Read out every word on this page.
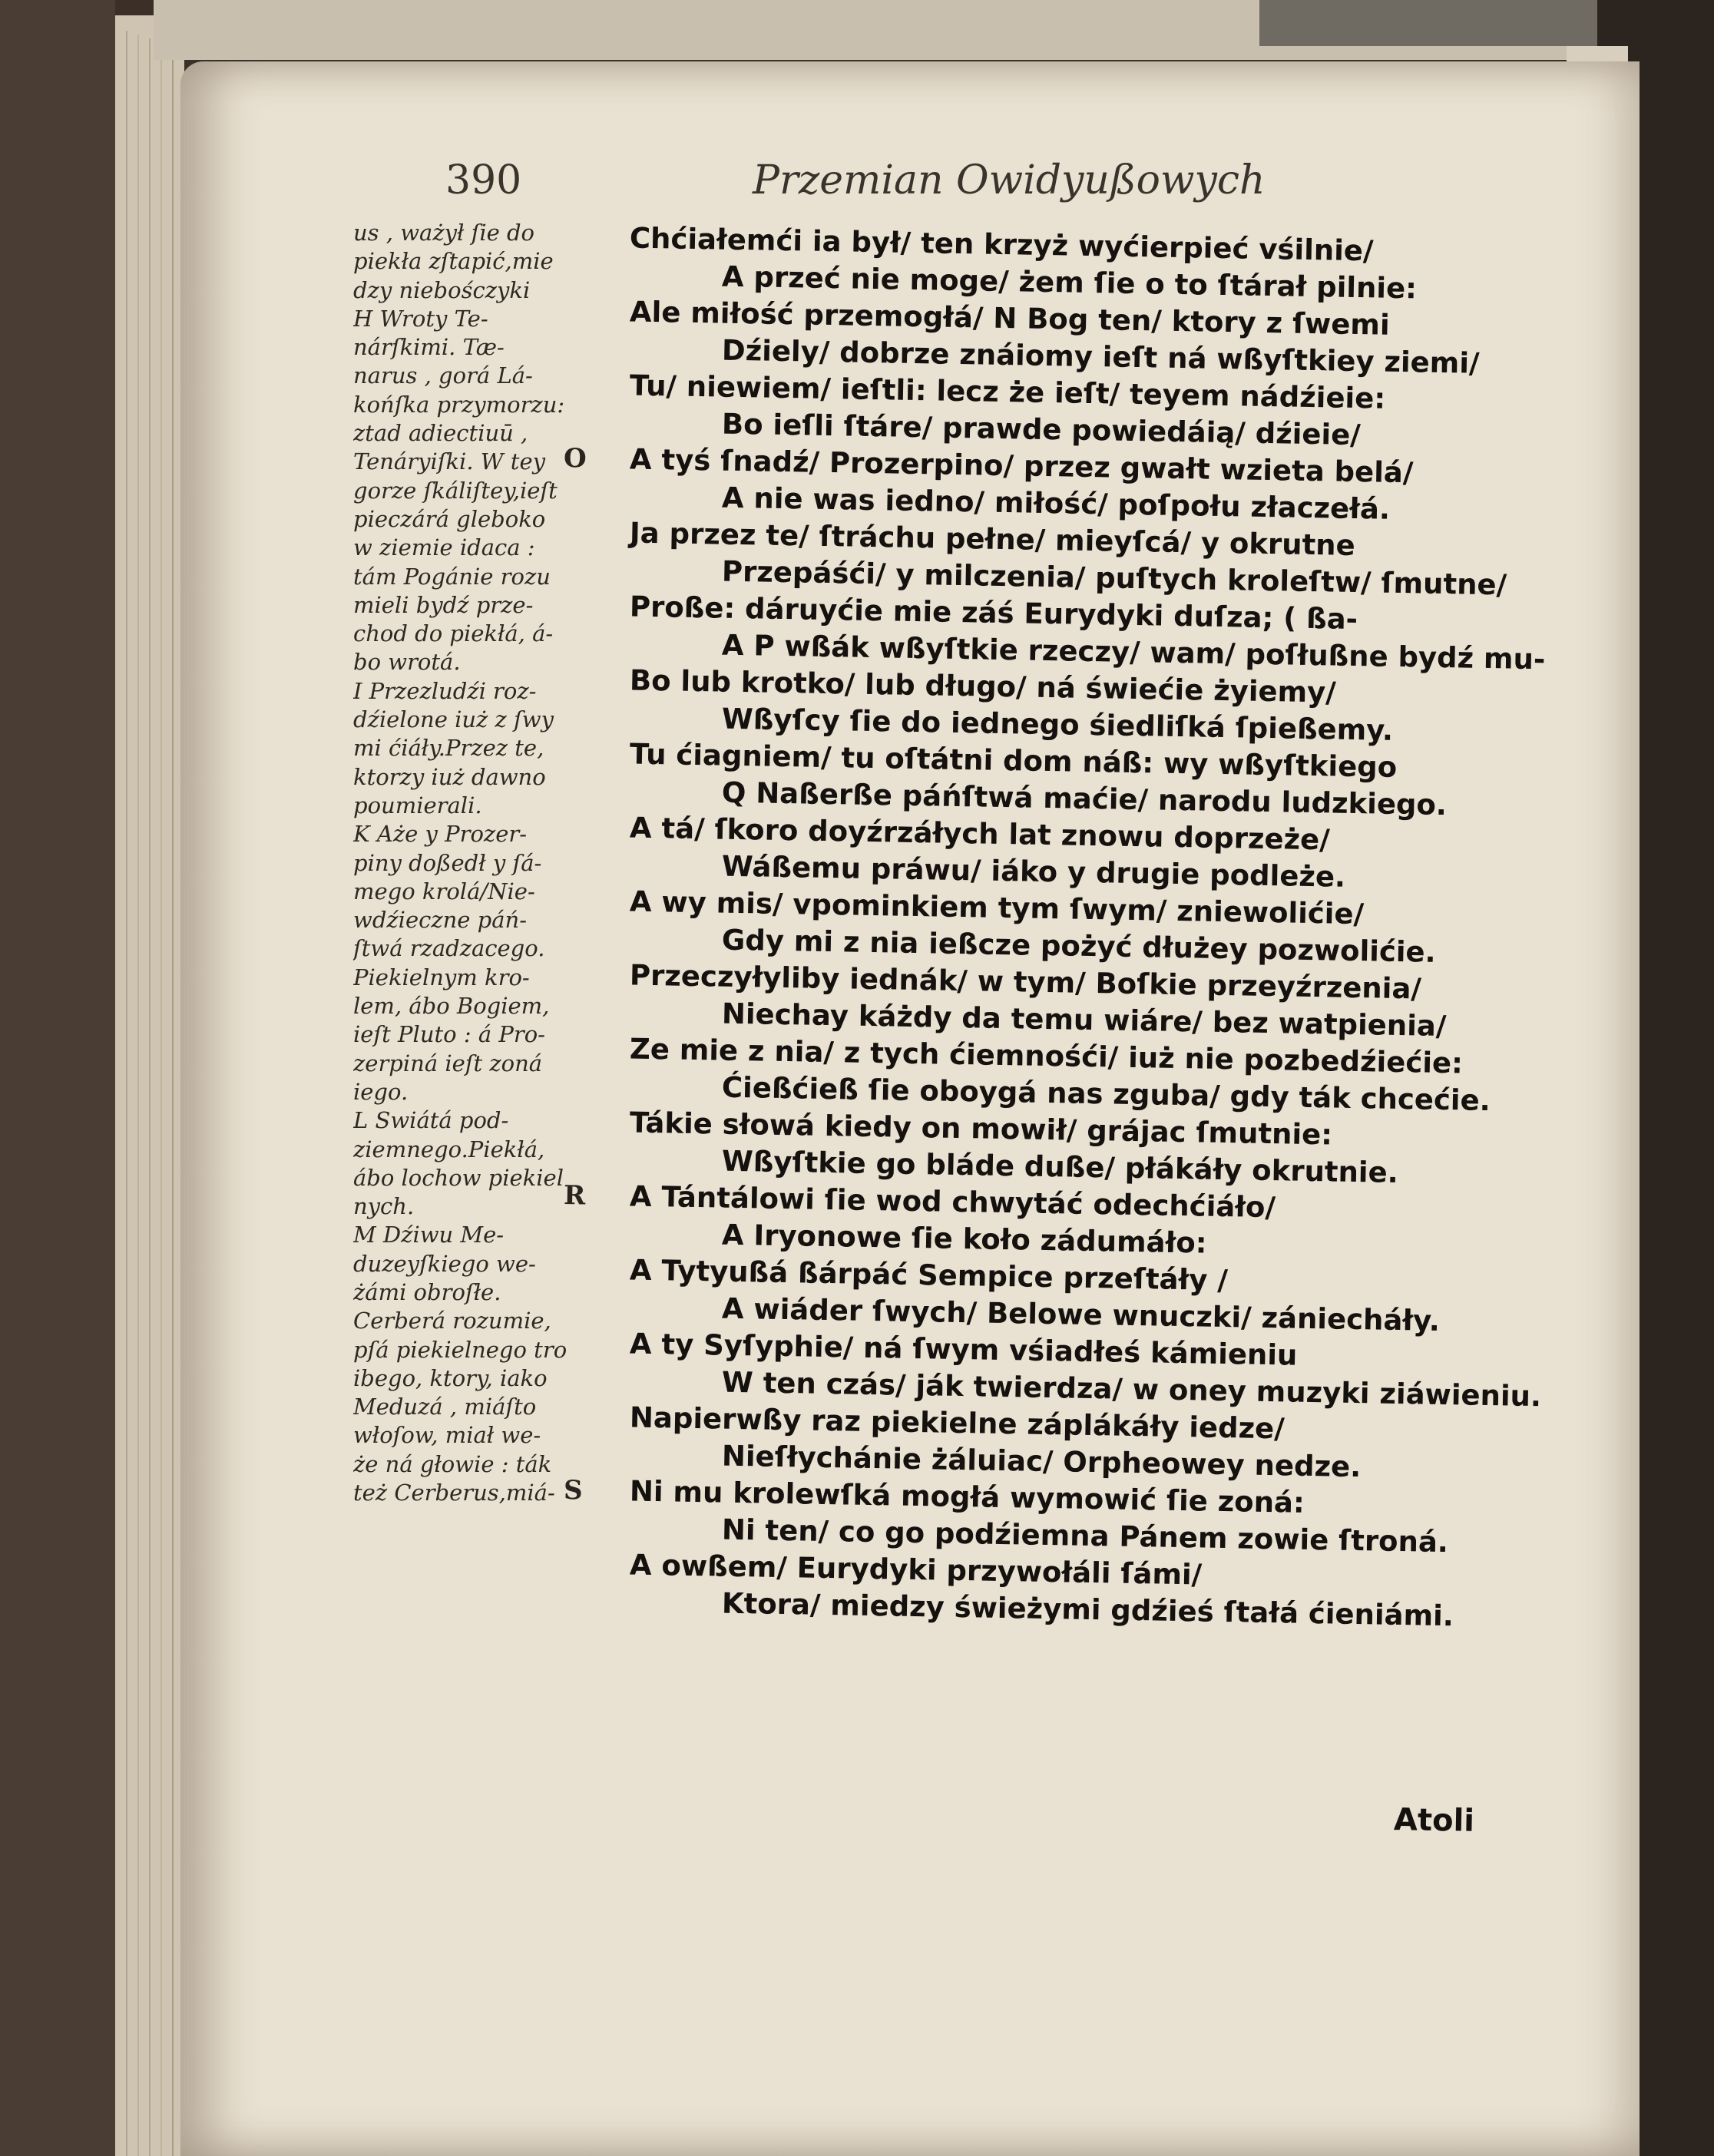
390	Przemian Owidyußowych
us , ważył ſie do
piekła zſtapić,mie
dzy niebośczyki
H Wroty Te-
nárſkimi. Tæ-
narus , gorá Lá-
końſka przymorzu:
ztad adiectiuū ,
Tenáryiſki. W tey
gorze ſkáliſtey,ieſt
pieczárá gleboko
w ziemie idaca :
tám Pogánie rozu
mieli bydź prze-
chod do piekłá, á-
bo wrotá.
I Przezludźi roz-
dźielone iuż z ſwy
mi ćiáły.Przez te,
ktorzy iuż dawno
poumierali.
K Aże y Prozer-
piny doßedł y ſá-
mego krolá/Nie-
wdźieczne páń-
ſtwá rzadzacego.
Piekielnym kro-
lem, ábo Bogiem,
ieſt Pluto : á Pro-
zerpiná ieſt zoná
iego.
L Swiátá pod-
ziemnego.Piekłá,
ábo lochow piekiel
nych.
M Dźiwu Me-
duzeyſkiego we-
żámi obroſłe.
Cerberá rozumie,
pſá piekielnego tro
ibego, ktory, iako
Meduzá , miáſto
włoſow, miał we-
że ná głowie : ták
też Cerberus,miá-
Chćiałemći ia był/ ten krzyż wyćierpieć vśilnie/
A przeć nie moge/ żem ſie o to ſtárał pilnie:
Ale miłość przemogłá/ N Bog ten/ ktory z ſwemi
Dźiely/ dobrze znáiomy ieſt ná wßyſtkiey ziemi/
Tu/ niewiem/ ieſtli: lecz że ieſt/ teyem nádźieie:
Bo ieſli ſtáre/ prawde powiedáią/ dźieie/
O A tyś ſnadź/ Prozerpino/ przez gwałt wzieta belá/
A nie was iedno/ miłość/ poſpołu złaczełá.
Ja przez te/ ſtráchu pełne/ mieyſcá/ y okrutne
Przepáśći/ y milczenia/ puſtych kroleſtw/ ſmutne/
Proße: dáruyćie mie záś Eurydyki duſza; ( ßa-
A P wßák wßyſtkie rzeczy/ wam/ poſłußne bydź mu-
Bo lub krotko/ lub długo/ ná świećie żyiemy/
Wßyſcy ſie do iednego śiedliſká ſpießemy.
Tu ćiagniem/ tu oſtátni dom náß: wy wßyſtkiego
Q Naßerße páńſtwá maćie/ narodu ludzkiego.
A tá/ ſkoro doyźrzáłych lat znowu doprzeże/
Wáßemu práwu/ iáko y drugie podleże.
A wy mis/ vpominkiem tym ſwym/ zniewolićie/
Gdy mi z nia ießcze pożyć dłużey pozwolićie.
Przeczyłyliby iednák/ w tym/ Boſkie przeyźrzenia/
Niechay káżdy da temu wiáre/ bez watpienia/
Ze mie z nia/ z tych ćiemnośći/ iuż nie pozbedźiećie:
Ćießćieß ſie oboygá nas zguba/ gdy ták chcećie.
Tákie słowá kiedy on mowił/ grájac ſmutnie:
Wßyſtkie go bláde duße/ płákáły okrutnie.
R A Tántálowi ſie wod chwytáć odechćiáło/
A Iryonowe ſie koło zádumáło:
A Tytyußá ßárpáć Sempice przeſtáły /
A wiáder ſwych/ Belowe wnuczki/ zániecháły.
A ty Syſyphie/ ná ſwym vśiadłeś kámieniu
W ten czás/ ják twierdza/ w oney muzyki ziáwieniu.
Napierwßy raz piekielne záplákáły iedze/
Nieſłychánie żáluiac/ Orpheowey nedze.
S Ni mu krolewſká mogłá wymowić ſie zoná:
Ni ten/ co go podźiemna Pánem zowie ſtroná.
A owßem/ Eurydyki przywołáli ſámi/
Ktora/ miedzy świeżymi gdźieś ſtałá ćieniámi.
Atoli
